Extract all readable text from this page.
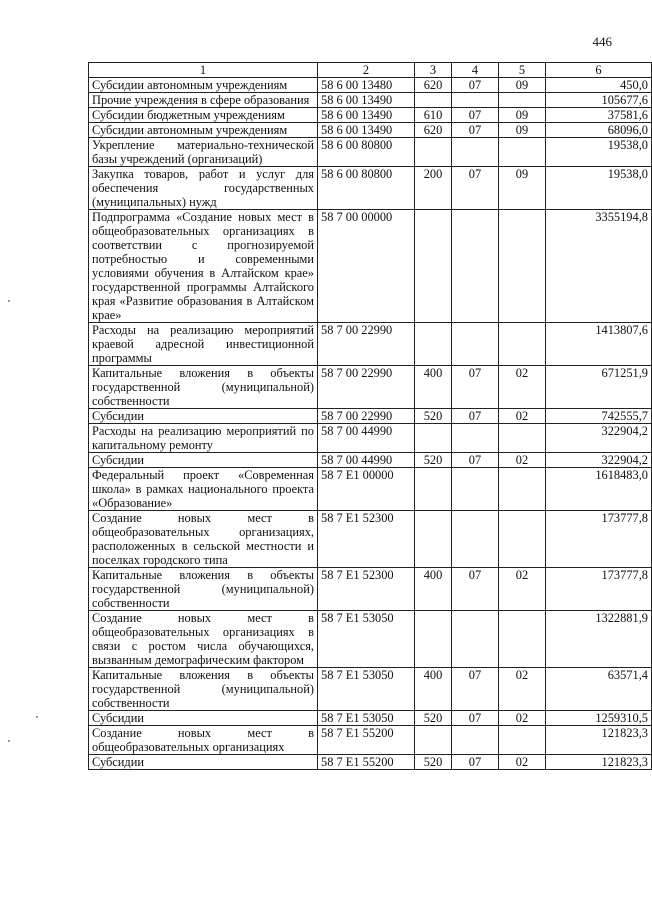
446
1	2	3	4	5	6
Субсидии автономным учреждениям	58 6 00 13480	620	07	09	450,0
Прочие учреждения в сфере образования	58 6 00 13490				105677,6
Субсидии бюджетным учреждениям	58 6 00 13490	610	07	09	37581,6
Субсидии автономным учреждениям	58 6 00 13490	620	07	09	68096,0
Укрепление материально-технической базы учреждений (организаций)	58 6 00 80800				19538,0
Закупка товаров, работ и услуг для обеспечения государственных (муниципальных) нужд	58 6 00 80800	200	07	09	19538,0
Подпрограмма «Создание новых мест в общеобразовательных организациях в соответствии с прогнозируемой потребностью и современными условиями обучения в Алтайском крае» государственной программы Алтайского края «Развитие образования в Алтайском крае»	58 7 00 00000				3355194,8
Расходы на реализацию мероприятий краевой адресной инвестиционной программы	58 7 00 22990				1413807,6
Капитальные вложения в объекты государственной (муниципальной) собственности	58 7 00 22990	400	07	02	671251,9
Субсидии	58 7 00 22990	520	07	02	742555,7
Расходы на реализацию мероприятий по капитальному ремонту	58 7 00 44990				322904,2
Субсидии	58 7 00 44990	520	07	02	322904,2
Федеральный проект «Современная школа» в рамках национального проекта «Образование»	58 7 E1 00000				1618483,0
Создание новых мест в общеобразовательных организациях, расположенных в сельской местности и поселках городского типа	58 7 E1 52300				173777,8
Капитальные вложения в объекты государственной (муниципальной) собственности	58 7 E1 52300	400	07	02	173777,8
Создание новых мест в общеобразовательных организациях в связи с ростом числа обучающихся, вызванным демографическим фактором	58 7 E1 53050				1322881,9
Капитальные вложения в объекты государственной (муниципальной) собственности	58 7 E1 53050	400	07	02	63571,4
Субсидии	58 7 E1 53050	520	07	02	1259310,5
Создание новых мест в общеобразовательных организациях	58 7 E1 55200				121823,3
Субсидии	58 7 E1 55200	520	07	02	121823,3
